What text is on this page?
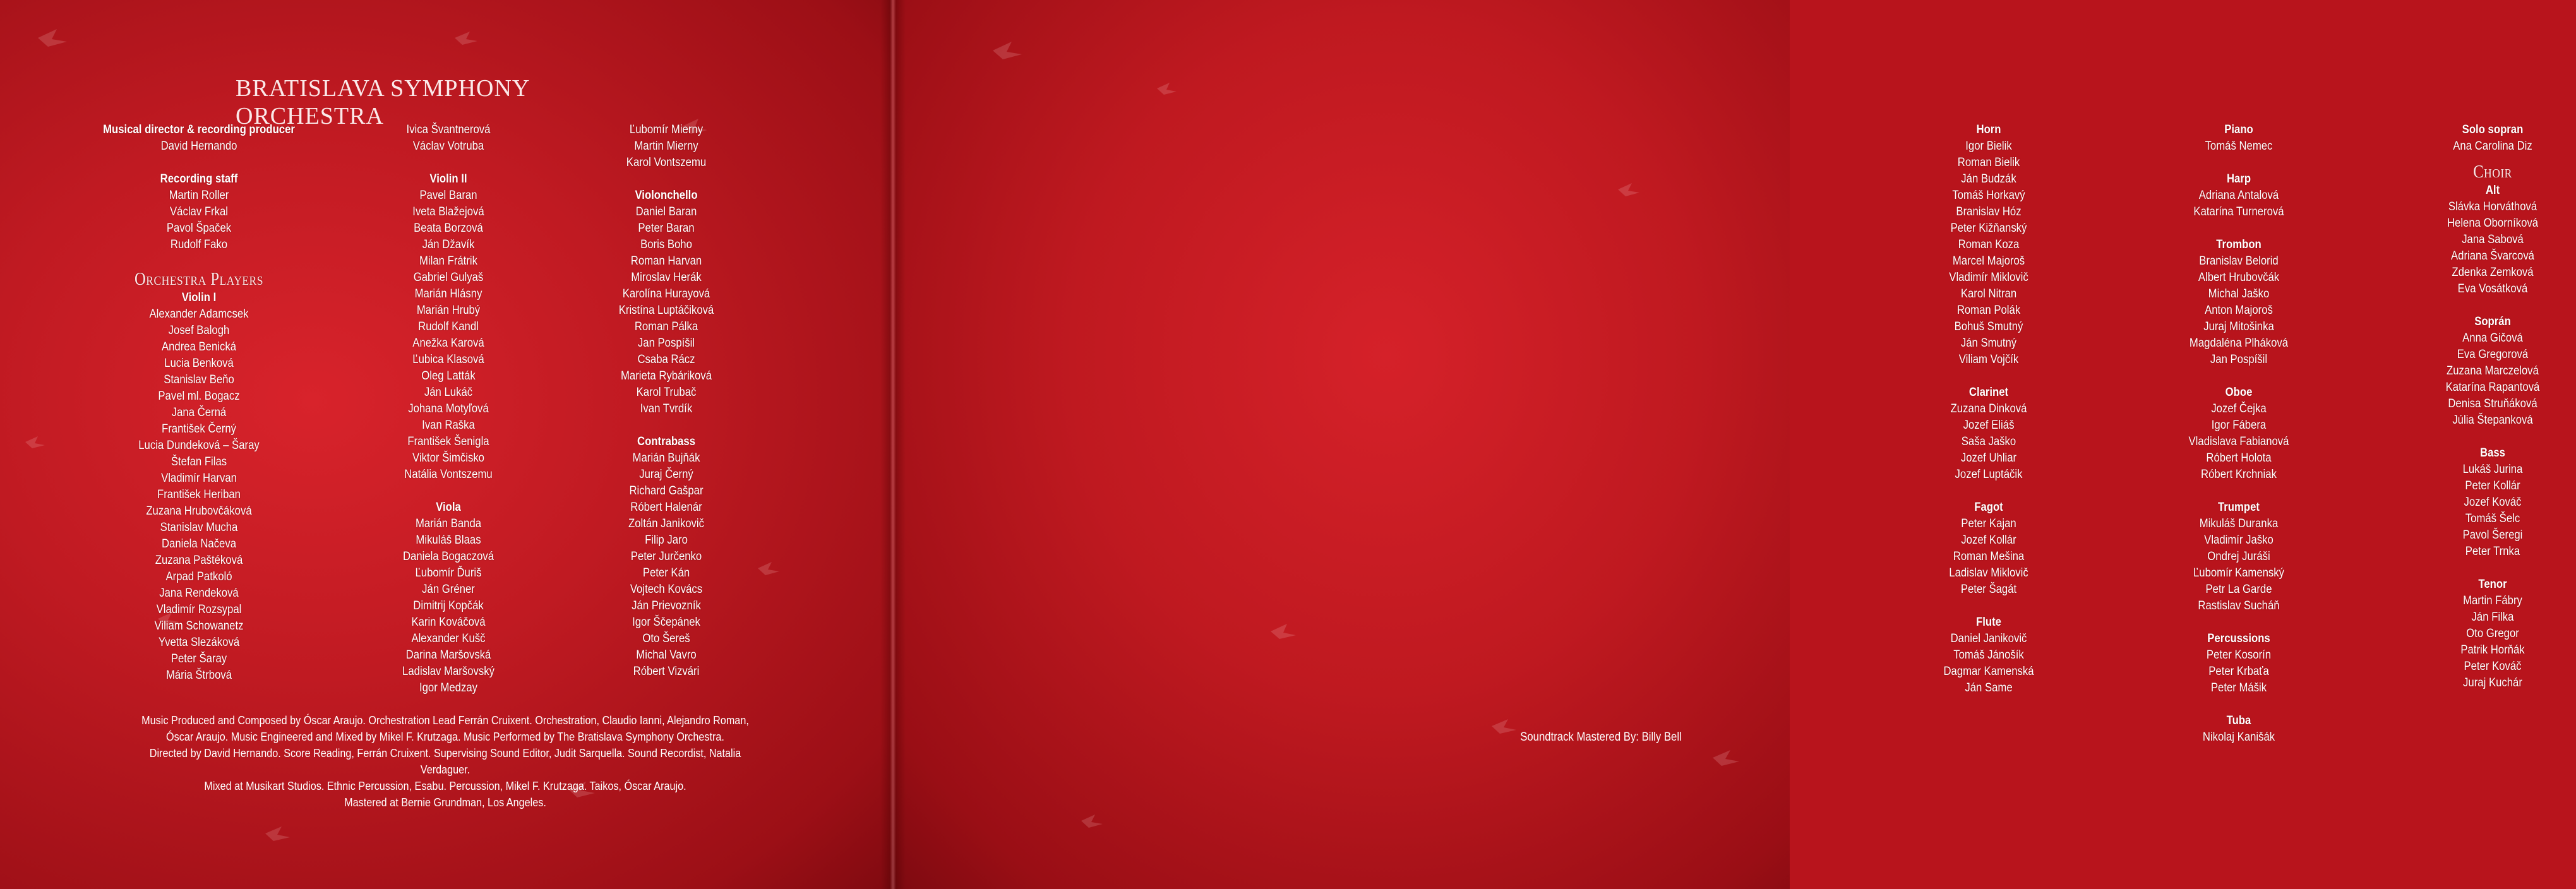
BRATISLAVA SYMPHONY ORCHESTRA
Musical director & recording producer
David Hernando
Recording staff
Martin Roller
Václav Frkal
Pavol Špaček
Rudolf Fako
Orchestra Players
Violin I
Alexander Adamcsek
Josef Balogh
Andrea Benická
Lucia Benková
Stanislav Beňo
Pavel ml. Bogacz
Jana Černá
František Černý
Lucia Dundeková – Šaray
Štefan Filas
Vladimír Harvan
František Heriban
Zuzana Hrubovčáková
Stanislav Mucha
Daniela Načeva
Zuzana Paštéková
Arpad Patkoló
Jana Rendeková
Vladimír Rozsypal
Viliam Schowanetz
Yvetta Slezáková
Peter Šaray
Mária Štrbová
Ivica Švantnerová
Václav Votruba
Violin II
Pavel Baran
Iveta Blažejová
Beata Borzová
Ján Džavík
Milan Frátrik
Gabriel Gulyaš
Marián Hlásny
Marián Hrubý
Rudolf Kandl
Anežka Karová
Ľubica Klasová
Oleg Latták
Ján Lukáč
Johana Motyľová
Ivan Raška
František Šenigla
Viktor Šimčisko
Natália Vontszemu
Viola
Marián Banda
Mikuláš Blaas
Daniela Bogaczová
Ľubomír Ďuriš
Ján Gréner
Dimitrij Kopčák
Karin Kováčová
Alexander Kušč
Darina Maršovská
Ladislav Maršovský
Igor Medzay
Ľubomír Mierny
Martin Mierny
Karol Vontszemu
Violonchello
Daniel Baran
Peter Baran
Boris Boho
Roman Harvan
Miroslav Herák
Karolína Hurayová
Kristína Luptáčiková
Roman Pálka
Jan Pospíšil
Csaba Rácz
Marieta Rybáriková
Karol Trubač
Ivan Tvrdík
Contrabass
Marián Bujňák
Juraj Černý
Richard Gašpar
Róbert Halenár
Zoltán Janikovič
Filip Jaro
Peter Jurčenko
Peter Kán
Vojtech Kovács
Ján Prievozník
Igor Ščepánek
Oto Šereš
Michal Vavro
Róbert Vizvári
Music Produced and Composed by Óscar Araujo. Orchestration Lead Ferrán Cruixent. Orchestration, Claudio Ianni, Alejandro Roman,
Óscar Araujo. Music Engineered and Mixed by Mikel F. Krutzaga. Music Performed by The Bratislava Symphony Orchestra.
Directed by David Hernando. Score Reading, Ferrán Cruixent. Supervising Sound Editor, Judit Sarquella. Sound Recordist, Natalia Verdaguer.
Mixed at Musikart Studios. Ethnic Percussion, Esabu. Percussion, Mikel F. Krutzaga. Taikos, Óscar Araujo.
Mastered at Bernie Grundman, Los Angeles.
Horn
Igor Bielik
Roman Bielik
Ján Budzák
Tomáš Horkavý
Branislav Hóz
Peter Kižňanský
Roman Koza
Marcel Majoroš
Vladimír Miklovič
Karol Nitran
Roman Polák
Bohuš Smutný
Ján Smutný
Viliam Vojčík
Clarinet
Zuzana Dinková
Jozef Eliáš
Saša Jaško
Jozef Uhliar
Jozef Luptáčik
Fagot
Peter Kajan
Jozef Kollár
Roman Mešina
Ladislav Miklovič
Peter Šagát
Flute
Daniel Janikovič
Tomáš Jánošík
Dagmar Kamenská
Ján Same
Piano
Tomáš Nemec
Harp
Adriana Antalová
Katarína Turnerová
Trombon
Branislav Belorid
Albert Hrubovčák
Michal Jaško
Anton Majoroš
Juraj Mitošinka
Magdaléna Plháková
Jan Pospíšil
Oboe
Jozef Čejka
Igor Fábera
Vladislava Fabianová
Róbert Holota
Róbert Krchniak
Trumpet
Mikuláš Duranka
Vladimír Jaško
Ondrej Juráši
Ľubomír Kamenský
Petr La Garde
Rastislav Sucháň
Percussions
Peter Kosorín
Peter Krbaťa
Peter Mášik
Tuba
Nikolaj Kanišák
Solo sopran
Ana Carolina Diz
Choir
Alt
Slávka Horváthová
Helena Oborníková
Jana Sabová
Adriana Švarcová
Zdenka Zemková
Eva Vosátková
Soprán
Anna Gičová
Eva Gregorová
Zuzana Marczelová
Katarína Rapantová
Denisa Struňáková
Júlia Štepanková
Bass
Lukáš Jurina
Peter Kollár
Jozef Kováč
Tomáš Šelc
Pavol Šeregi
Peter Trnka
Tenor
Martin Fábry
Ján Filka
Oto Gregor
Patrik Horňák
Peter Kováč
Juraj Kuchár
Soundtrack Mastered By: Billy Bell
